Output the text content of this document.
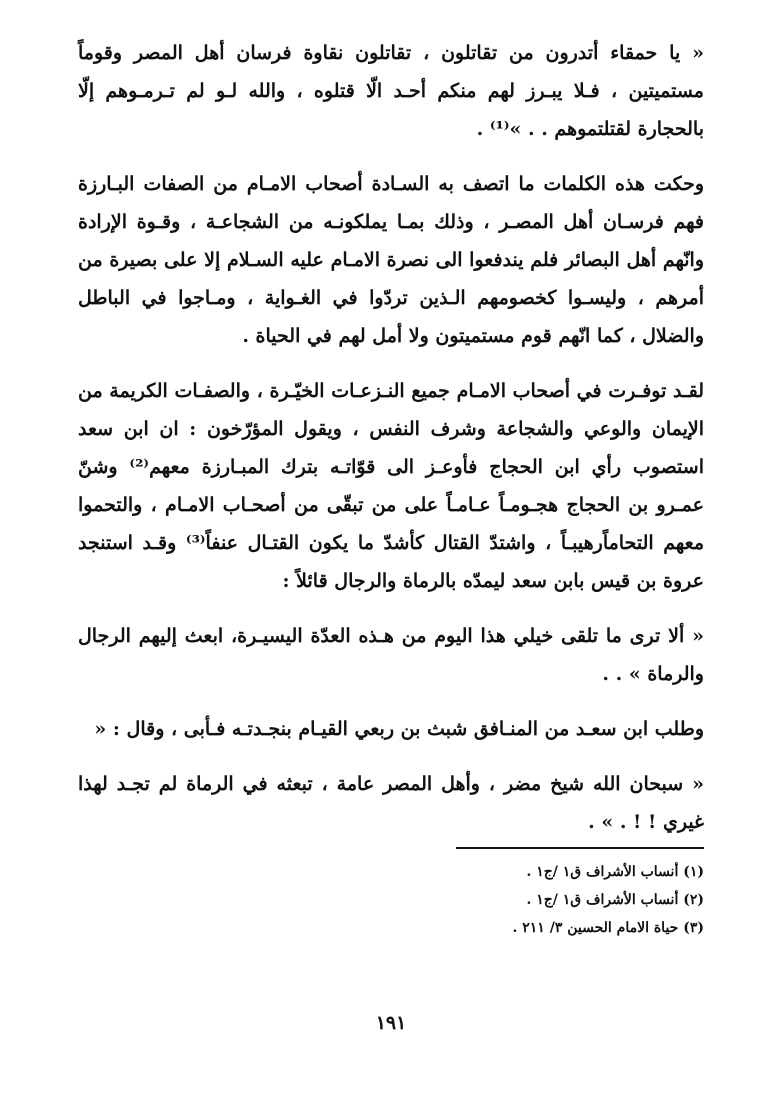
« يا حمقاء أتدرون من تقاتلون ، تقاتلون نقاوة فرسان أهل المصر وقوماً مستميتين ، فـلا يبـرز لهم منكم أحـد الّا قتلوه ، والله لـو لم تـرمـوهم إلّا بالحجارة لقتلتموهم . . »⁽¹⁾ .

وحكت هذه الكلمات ما اتصف به السـادة أصحاب الامـام من الصفات البـارزة فهم فرسـان أهل المصـر ، وذلك بمـا يملكونـه من الشجاعـة ، وقـوة الإرادة وانّهم أهل البصائر فلم يندفعوا الى نصرة الامـام عليه السـلام إلا على بصيرة من أمرهم ، وليسـوا كخصومهم الـذين تردّوا في الغـواية ، ومـاجوا في الباطل والضلال ، كما انّهم قوم مستميتون ولا أمل لهم في الحياة .

لقـد توفـرت في أصحاب الامـام جميع النـزعـات الخيّـرة ، والصفـات الكريمة من الإيمان والوعي والشجاعة وشرف النفس ، ويقول المؤرّخون : ان ابن سعد استصوب رأي ابن الحجاج فأوعـز الى قوّاتـه بترك المبـارزة معهم⁽²⁾ وشنّ عمـرو بن الحجاج هجـومـاً عـامـاً على من تبقّى من أصحـاب الامـام ، والتحموا معهم التحاماًرهيبـاً ، واشتدّ القتال كأشدّ ما يكون القتـال عنفاً⁽³⁾ وقـد استنجد عروة بن قيس بابن سعد ليمدّه بالرماة والرجال قائلاً :

« ألا ترى ما تلقى خيلي هذا اليوم من هـذه العدّة اليسيـرة، ابعث إليهم الرجال والرماة » . .

وطلب ابن سعـد من المنـافق شبث بن ربعي القيـام بنجـدتـه فـأبى ، وقال : «

« سبحان الله شيخ مضر ، وأهل المصر عامة ، تبعثه في الرماة لم تجـد لهذا غيري ! ! . » .

(١) أنساب الأشراف ق١ /ج١ .

(٢) أنساب الأشراف ق١ /ج١ .

(٣) حياة الامام الحسين ٣/ ٢١١ .

١٩١
